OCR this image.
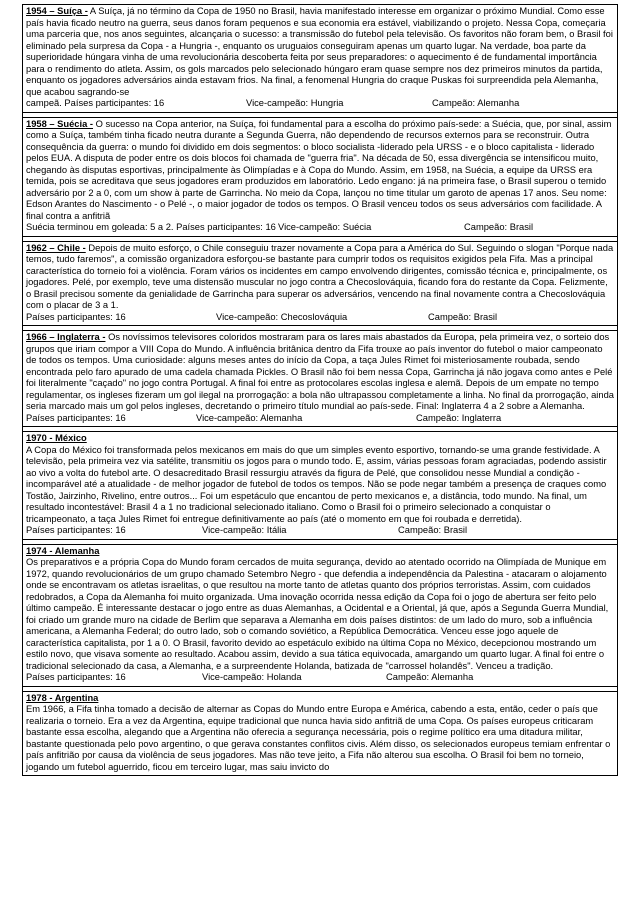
1954 – Suíça - A Suíça, já no término da Copa de 1950 no Brasil, havia manifestado interesse em organizar o próximo Mundial. Como esse país havia ficado neutro na guerra, seus danos foram pequenos e sua economia era estável, viabilizando o projeto. Nessa Copa, começaria uma parceria que, nos anos seguintes, alcançaria o sucesso: a transmissão do futebol pela televisão. Os favoritos não foram bem, o Brasil foi eliminado pela surpresa da Copa - a Hungria -, enquanto os uruguaios conseguiram apenas um quarto lugar. Na verdade, boa parte da superioridade húngara vinha de uma revolucionária descoberta feita por seus preparadores: o aquecimento é de fundamental importância para o rendimento do atleta. Assim, os gols marcados pelo selecionado húngaro eram quase sempre nos dez primeiros minutos da partida, enquanto os jogadores adversários ainda estavam frios. Na final, a fenomenal Hungria do craque Puskas foi surpreendida pela Alemanha, que acabou sagrando-se
campeã. Países participantes: 16	Vice-campeão: Hungria	Campeão: Alemanha
1958 – Suécia - O sucesso na Copa anterior, na Suíça, foi fundamental para a escolha do próximo país-sede: a Suécia, que, por sinal, assim como a Suíça, também tinha ficado neutra durante a Segunda Guerra, não dependendo de recursos externos para se reconstruir. Outra consequência da guerra: o mundo foi dividido em dois segmentos: o bloco socialista -liderado pela URSS - e o bloco capitalista - liderado pelos EUA. A disputa de poder entre os dois blocos foi chamada de "guerra fria". Na década de 50, essa divergência se intensificou muito, chegando às disputas esportivas, principalmente às Olimpíadas e à Copa do Mundo. Assim, em 1958, na Suécia, a equipe da URSS era temida, pois se acreditava que seus jogadores eram produzidos em laboratório. Ledo engano: já na primeira fase, o Brasil superou o temido adversário por 2 a 0, com um show à parte de Garrincha. No meio da Copa, lançou no time titular um garoto de apenas 17 anos. Seu nome: Edson Arantes do Nascimento - o Pelé -, o maior jogador de todos os tempos. O Brasil venceu todos os seus adversários com facilidade. A final contra a anfitriã
Suécia terminou em goleada: 5 a 2. Países participantes: 16 Vice-campeão: Suécia	Campeão: Brasil
1962 – Chile - Depois de muito esforço, o Chile conseguiu trazer novamente a Copa para a América do Sul. Seguindo o slogan "Porque nada temos, tudo faremos", a comissão organizadora esforçou-se bastante para cumprir todos os requisitos exigidos pela Fifa. Mas a principal característica do torneio foi a violência. Foram vários os incidentes em campo envolvendo dirigentes, comissão técnica e, principalmente, os jogadores. Pelé, por exemplo, teve uma distensão muscular no jogo contra a Checoslováquia, ficando fora do restante da Copa. Felizmente, o Brasil precisou somente da genialidade de Garrincha para superar os adversários, vencendo na final novamente contra a Checoslováquia com o placar de 3 a 1.
Países participantes: 16	Vice-campeão: Checoslováquia	Campeão: Brasil
1966 – Inglaterra - Os novíssimos televisores coloridos mostraram para os lares mais abastados da Europa, pela primeira vez, o sorteio dos grupos que iriam compor a VIII Copa do Mundo. A influência britânica dentro da Fifa trouxe ao país inventor do futebol o maior campeonato de todos os tempos. Uma curiosidade: alguns meses antes do início da Copa, a taça Jules Rimet foi misteriosamente roubada, sendo encontrada pelo faro apurado de uma cadela chamada Pickles. O Brasil não foi bem nessa Copa, Garrincha já não jogava como antes e Pelé foi literalmente "caçado" no jogo contra Portugal. A final foi entre as protocolares escolas inglesa e alemã. Depois de um empate no tempo regulamentar, os ingleses fizeram um gol ilegal na prorrogação: a bola não ultrapassou completamente a linha. No final da prorrogação, ainda seria marcado mais um gol pelos ingleses, decretando o primeiro título mundial ao país-sede. Final: Inglaterra 4 a 2 sobre a Alemanha.
Países participantes: 16	Vice-campeão: Alemanha	Campeão: Inglaterra
1970 - México
A Copa do México foi transformada pelos mexicanos em mais do que um simples evento esportivo, tornando-se uma grande festividade. A televisão, pela primeira vez via satélite, transmitiu os jogos para o mundo todo. E, assim, várias pessoas foram agraciadas, podendo assistir ao vivo a volta do futebol arte. O desacreditado Brasil ressurgiu através da figura de Pelé, que consolidou nesse Mundial a condição - incomparável até a atualidade - de melhor jogador de futebol de todos os tempos. Não se pode negar também a presença de craques como Tostão, Jairzinho, Rivelino, entre outros... Foi um espetáculo que encantou de perto mexicanos e, a distância, todo mundo. Na final, um resultado incontestável: Brasil 4 a 1 no tradicional selecionado italiano. Como o Brasil foi o primeiro selecionado a conquistar o tricampeonato, a taça Jules Rimet foi entregue definitivamente ao país (até o momento em que foi roubada e derretida).
Países participantes: 16	Vice-campeão: Itália	Campeão: Brasil
1974 - Alemanha
Os preparativos e a própria Copa do Mundo foram cercados de muita segurança, devido ao atentado ocorrido na Olimpíada de Munique em 1972, quando revolucionários de um grupo chamado Setembro Negro - que defendia a independência da Palestina - atacaram o alojamento onde se encontravam os atletas israelitas, o que resultou na morte tanto de atletas quanto dos próprios terroristas. Assim, com cuidados redobrados, a Copa da Alemanha foi muito organizada. Uma inovação ocorrida nessa edição da Copa foi o jogo de abertura ser feito pelo último campeão. É interessante destacar o jogo entre as duas Alemanhas, a Ocidental e a Oriental, já que, após a Segunda Guerra Mundial, foi criado um grande muro na cidade de Berlim que separava a Alemanha em dois países distintos: de um lado do muro, sob a influência americana, a Alemanha Federal; do outro lado, sob o comando soviético, a República Democrática. Venceu esse jogo aquele de característica capitalista, por 1 a 0. O Brasil, favorito devido ao espetáculo exibido na última Copa no México, decepcionou mostrando um estilo novo, que visava somente ao resultado. Acabou assim, devido a sua tática equivocada, amargando um quarto lugar. A final foi entre o tradicional selecionado da casa, a Alemanha, e a surpreendente Holanda, batizada de "carrossel holandês". Venceu a tradição.
Países participantes: 16	Vice-campeão: Holanda	Campeão: Alemanha
1978 - Argentina
Em 1966, a Fifa tinha tomado a decisão de alternar as Copas do Mundo entre Europa e América, cabendo a esta, então, ceder o país que realizaria o torneio. Era a vez da Argentina, equipe tradicional que nunca havia sido anfitriã de uma Copa. Os países europeus criticaram bastante essa escolha, alegando que a Argentina não oferecia a segurança necessária, pois o regime político era uma ditadura militar, bastante questionada pelo povo argentino, o que gerava constantes conflitos civis. Além disso, os selecionados europeus temiam enfrentar o país anfitrião por causa da violência de seus jogadores. Mas não teve jeito, a Fifa não alterou sua escolha. O Brasil foi bem no torneio, jogando um futebol aguerrido, ficou em terceiro lugar, mas saiu invicto do
